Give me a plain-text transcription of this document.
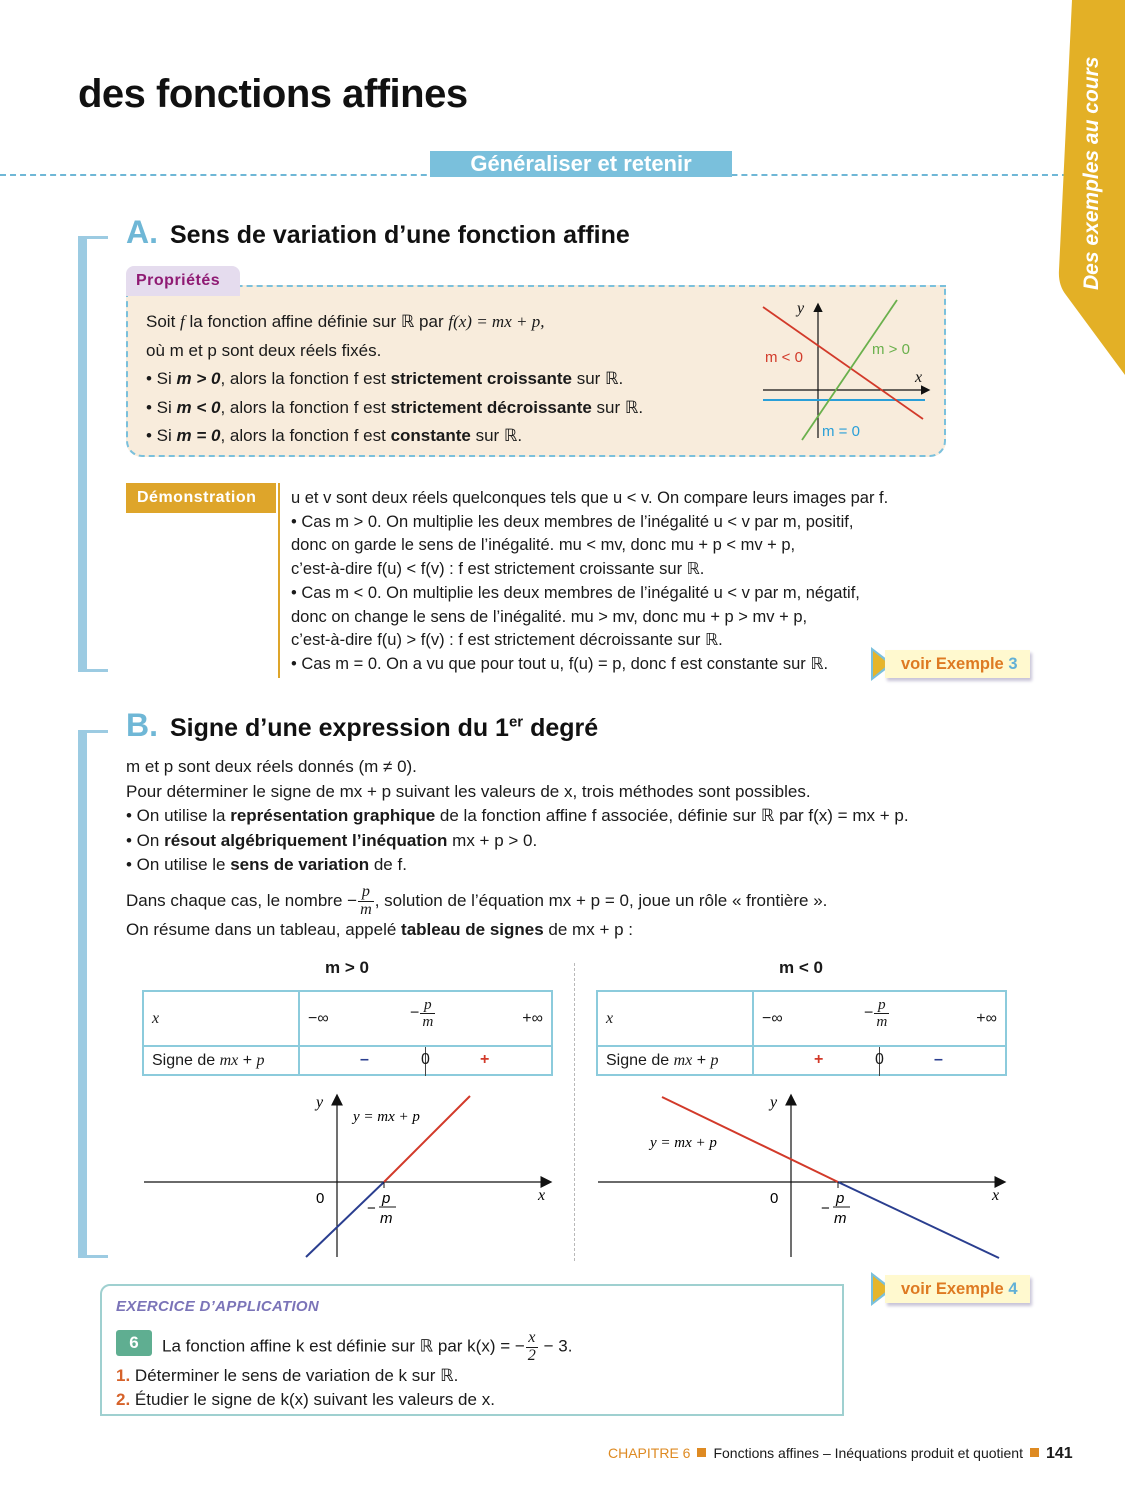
des fonctions affines
Généraliser et retenir	Des exemples au cours
A. Sens de variation d’une fonction affine
Propriétés
Soit f la fonction affine définie sur ℝ par f(x) = mx + p,
où m et p sont deux réels fixés.
• Si m > 0, alors la fonction f est strictement croissante sur ℝ.
• Si m < 0, alors la fonction f est strictement décroissante sur ℝ.
• Si m = 0, alors la fonction f est constante sur ℝ.
y
x
m < 0	m > 0
m = 0
Démonstration	u et v sont deux réels quelconques tels que u < v. On compare leurs images par f.
• Cas m > 0. On multiplie les deux membres de l’inégalité u < v par m, positif,
donc on garde le sens de l’inégalité. mu < mv, donc mu + p < mv + p,
c’est-à-dire f(u) < f(v) : f est strictement croissante sur ℝ.
• Cas m < 0. On multiplie les deux membres de l’inégalité u < v par m, négatif,
donc on change le sens de l’inégalité. mu > mv, donc mu + p > mv + p,
c’est-à-dire f(u) > f(v) : f est strictement décroissante sur ℝ.
• Cas m = 0. On a vu que pour tout u, f(u) = p, donc f est constante sur ℝ.	voir Exemple 3
B. Signe d’une expression du 1er degré
m et p sont deux réels donnés (m ≠ 0).
Pour déterminer le signe de mx + p suivant les valeurs de x, trois méthodes sont possibles.
• On utilise la représentation graphique de la fonction affine f associée, définie sur ℝ par f(x) = mx + p.
• On résout algébriquement l’inéquation mx + p > 0.
• On utilise le sens de variation de f.
Dans chaque cas, le nombre − $\frac{p}{m}$ , solution de l’équation mx + p = 0, joue un rôle « frontière ».
On résume dans un tableau, appelé tableau de signes de mx + p :
m > 0
x	−∞ − $\frac{p}{m}$ +∞

Signe de mx + p	– 0 +
m < 0
x	−∞ − $\frac{p}{m}$ +∞

Signe de mx + p	+ 0 –
y
y = mx + p
0	x
−
p
m
y
y = mx + p
0	x
−
p
m
voir Exemple 4
EXERCICE D’APPLICATION
6	La fonction affine k est définie sur ℝ par k(x) = − $\frac{x}{2} - 3$.
1. Déterminer le sens de variation de k sur ℝ.
2. Étudier le signe de k(x) suivant les valeurs de x.
CHAPITRE 6 Fonctions affines – Inéquations produit et quotient 141
